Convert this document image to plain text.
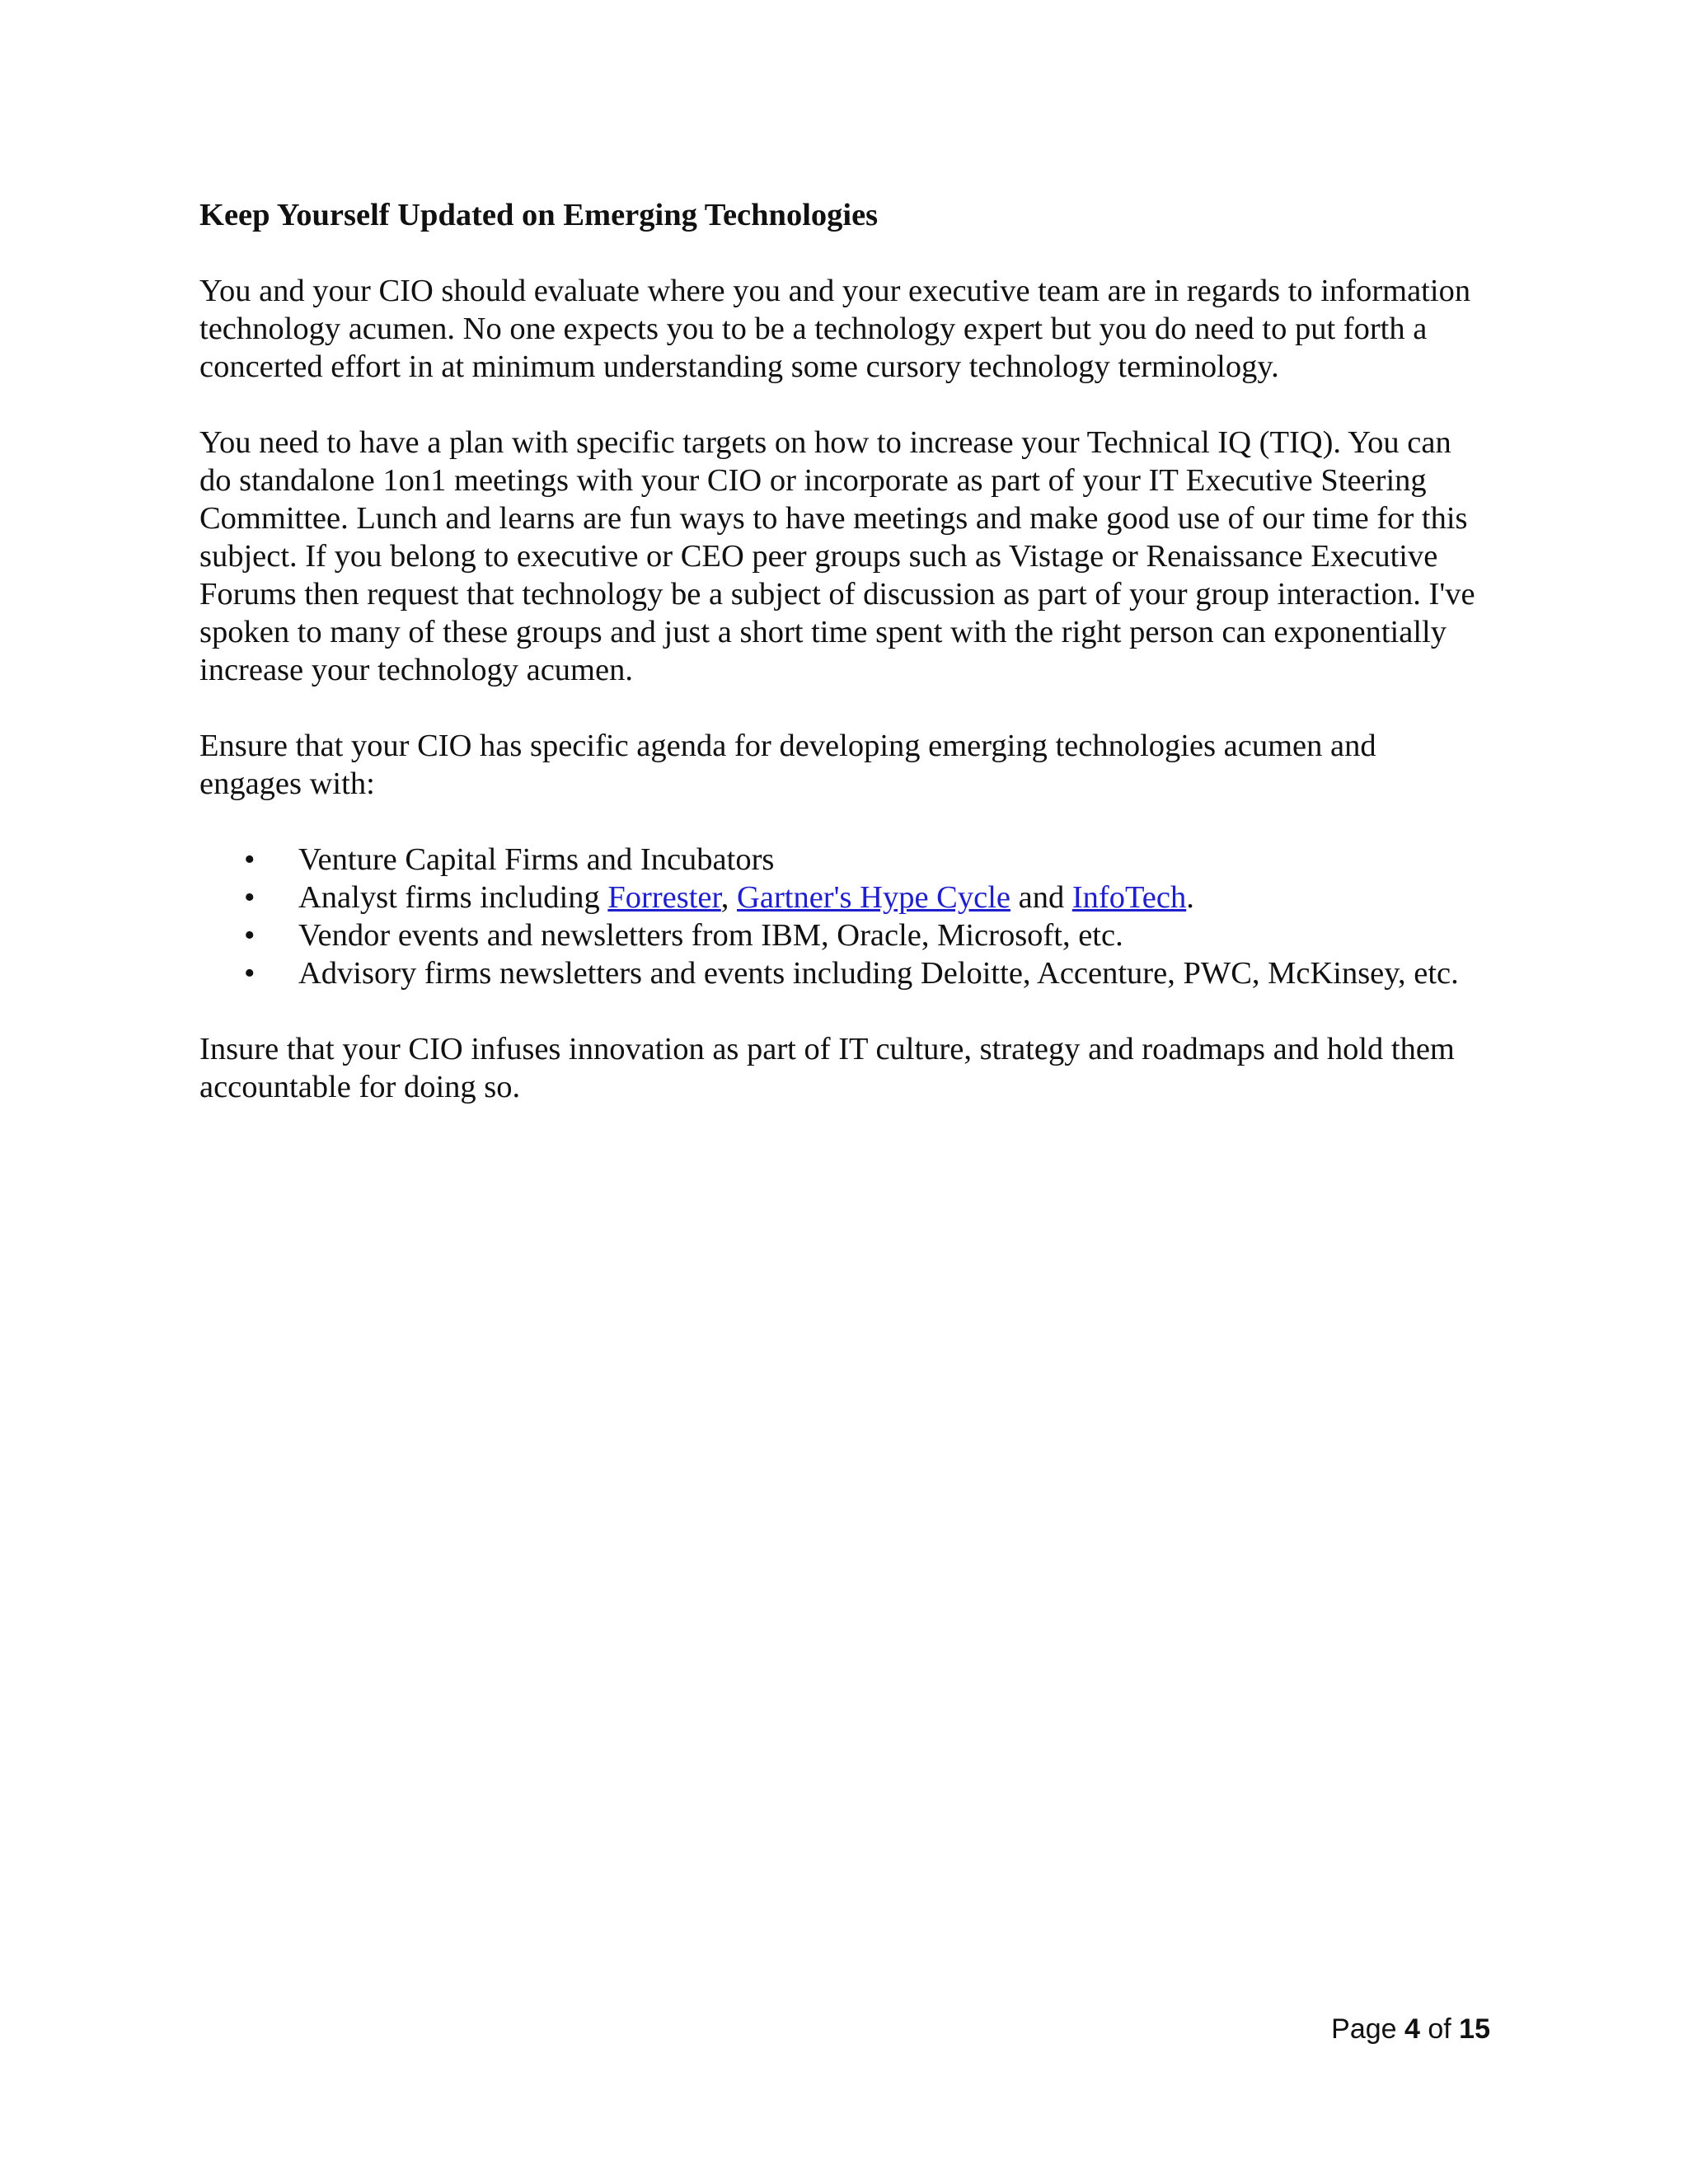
Keep Yourself Updated on Emerging Technologies

You and your CIO should evaluate where you and your executive team are in regards to information technology acumen. No one expects you to be a technology expert but you do need to put forth a concerted effort in at minimum understanding some cursory technology terminology.

You need to have a plan with specific targets on how to increase your Technical IQ (TIQ). You can do standalone 1on1 meetings with your CIO or incorporate as part of your IT Executive Steering Committee. Lunch and learns are fun ways to have meetings and make good use of our time for this subject. If you belong to executive or CEO peer groups such as Vistage or Renaissance Executive Forums then request that technology be a subject of discussion as part of your group interaction. I've spoken to many of these groups and just a short time spent with the right person can exponentially increase your technology acumen.

Ensure that your CIO has specific agenda for developing emerging technologies acumen and engages with:

• Venture Capital Firms and Incubators
• Analyst firms including Forrester, Gartner's Hype Cycle and InfoTech.
• Vendor events and newsletters from IBM, Oracle, Microsoft, etc.
• Advisory firms newsletters and events including Deloitte, Accenture, PWC, McKinsey, etc.

Insure that your CIO infuses innovation as part of IT culture, strategy and roadmaps and hold them accountable for doing so.

Page 4 of 15
